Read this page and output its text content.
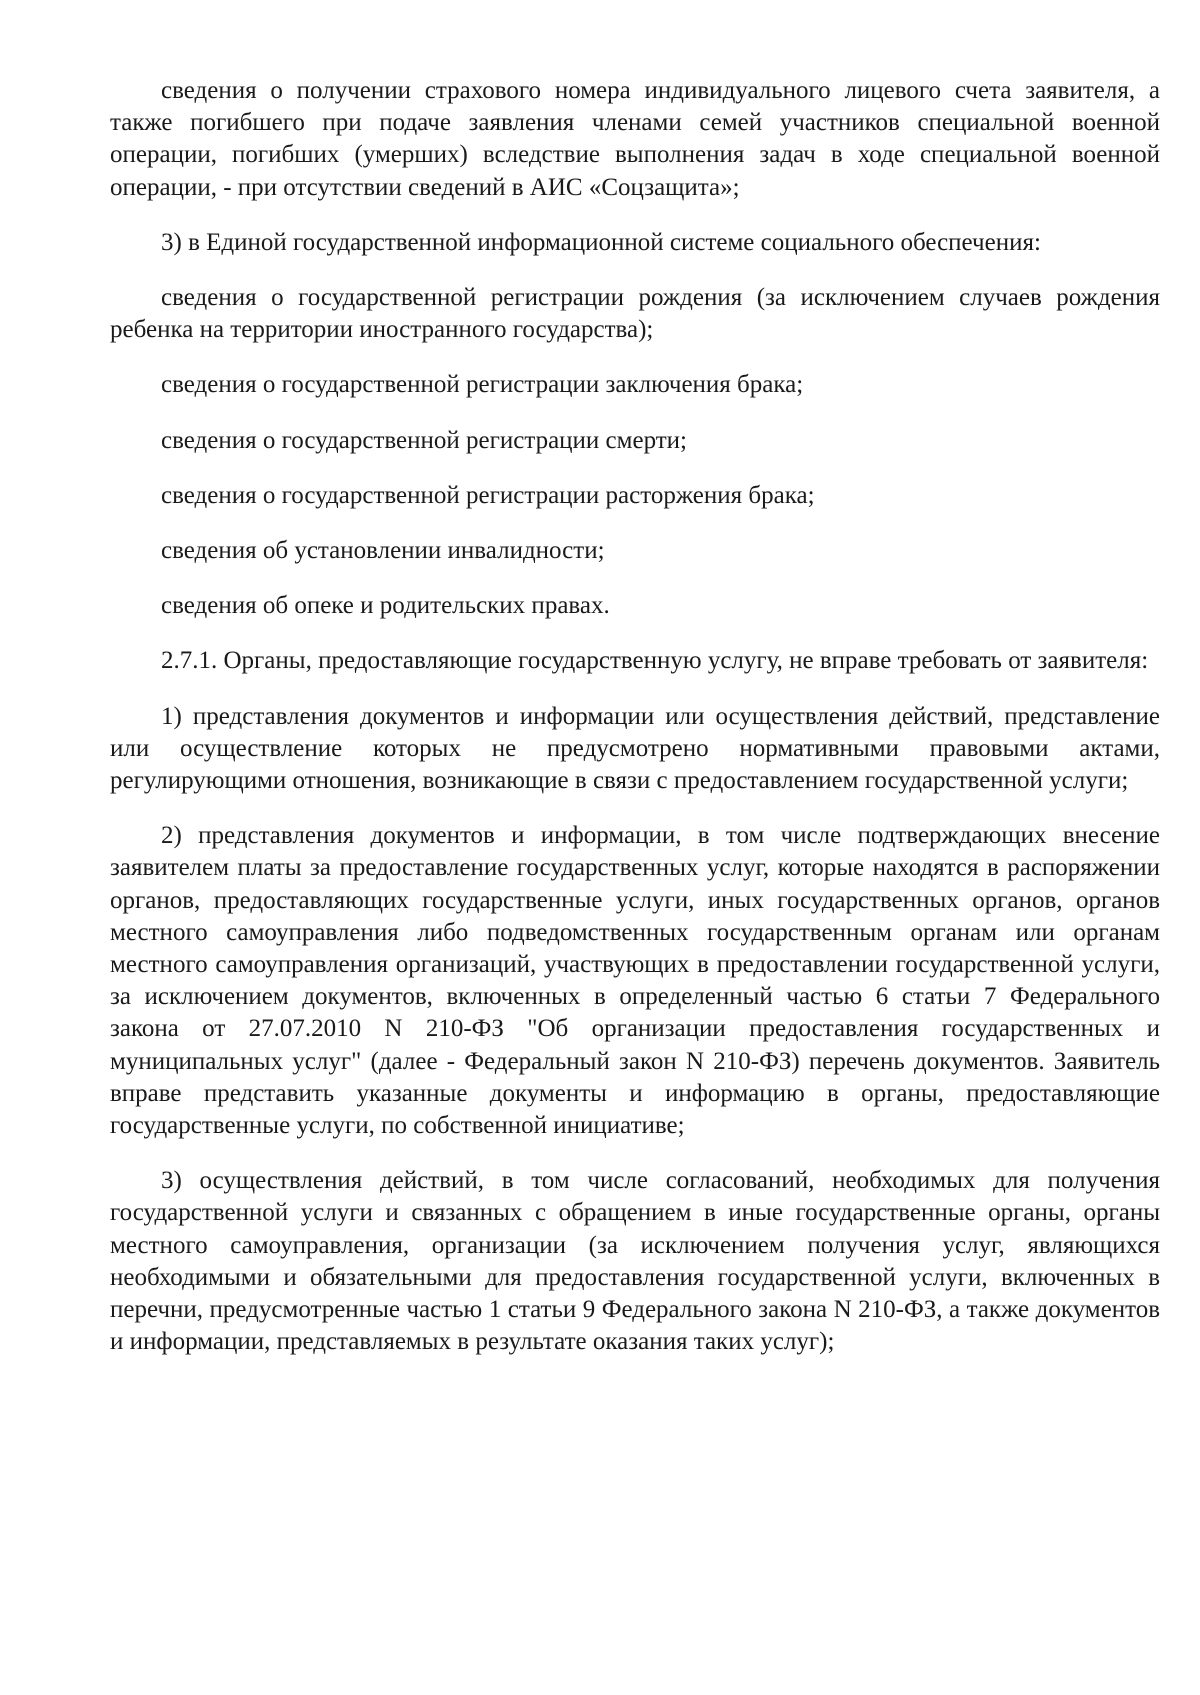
сведения о получении страхового номера индивидуального лицевого счета заявителя, а также погибшего при подаче заявления членами семей участников специальной военной операции, погибших (умерших) вследствие выполнения задач в ходе специальной военной операции, - при отсутствии сведений в АИС «Соцзащита»;

3) в Единой государственной информационной системе социального обеспечения:

сведения о государственной регистрации рождения (за исключением случаев рождения ребенка на территории иностранного государства);

сведения о государственной регистрации заключения брака;

сведения о государственной регистрации смерти;

сведения о государственной регистрации расторжения брака;

сведения об установлении инвалидности;

сведения об опеке и родительских правах.

2.7.1. Органы, предоставляющие государственную услугу, не вправе требовать от заявителя:

1) представления документов и информации или осуществления действий, представление или осуществление которых не предусмотрено нормативными правовыми актами, регулирующими отношения, возникающие в связи с предоставлением государственной услуги;

2) представления документов и информации, в том числе подтверждающих внесение заявителем платы за предоставление государственных услуг, которые находятся в распоряжении органов, предоставляющих государственные услуги, иных государственных органов, органов местного самоуправления либо подведомственных государственным органам или органам местного самоуправления организаций, участвующих в предоставлении государственной услуги, за исключением документов, включенных в определенный частью 6 статьи 7 Федерального закона от 27.07.2010 N 210-ФЗ "Об организации предоставления государственных и муниципальных услуг" (далее - Федеральный закон N 210-ФЗ) перечень документов. Заявитель вправе представить указанные документы и информацию в органы, предоставляющие государственные услуги, по собственной инициативе;

3) осуществления действий, в том числе согласований, необходимых для получения государственной услуги и связанных с обращением в иные государственные органы, органы местного самоуправления, организации (за исключением получения услуг, являющихся необходимыми и обязательными для предоставления государственной услуги, включенных в перечни, предусмотренные частью 1 статьи 9 Федерального закона N 210-ФЗ, а также документов и информации, представляемых в результате оказания таких услуг);
